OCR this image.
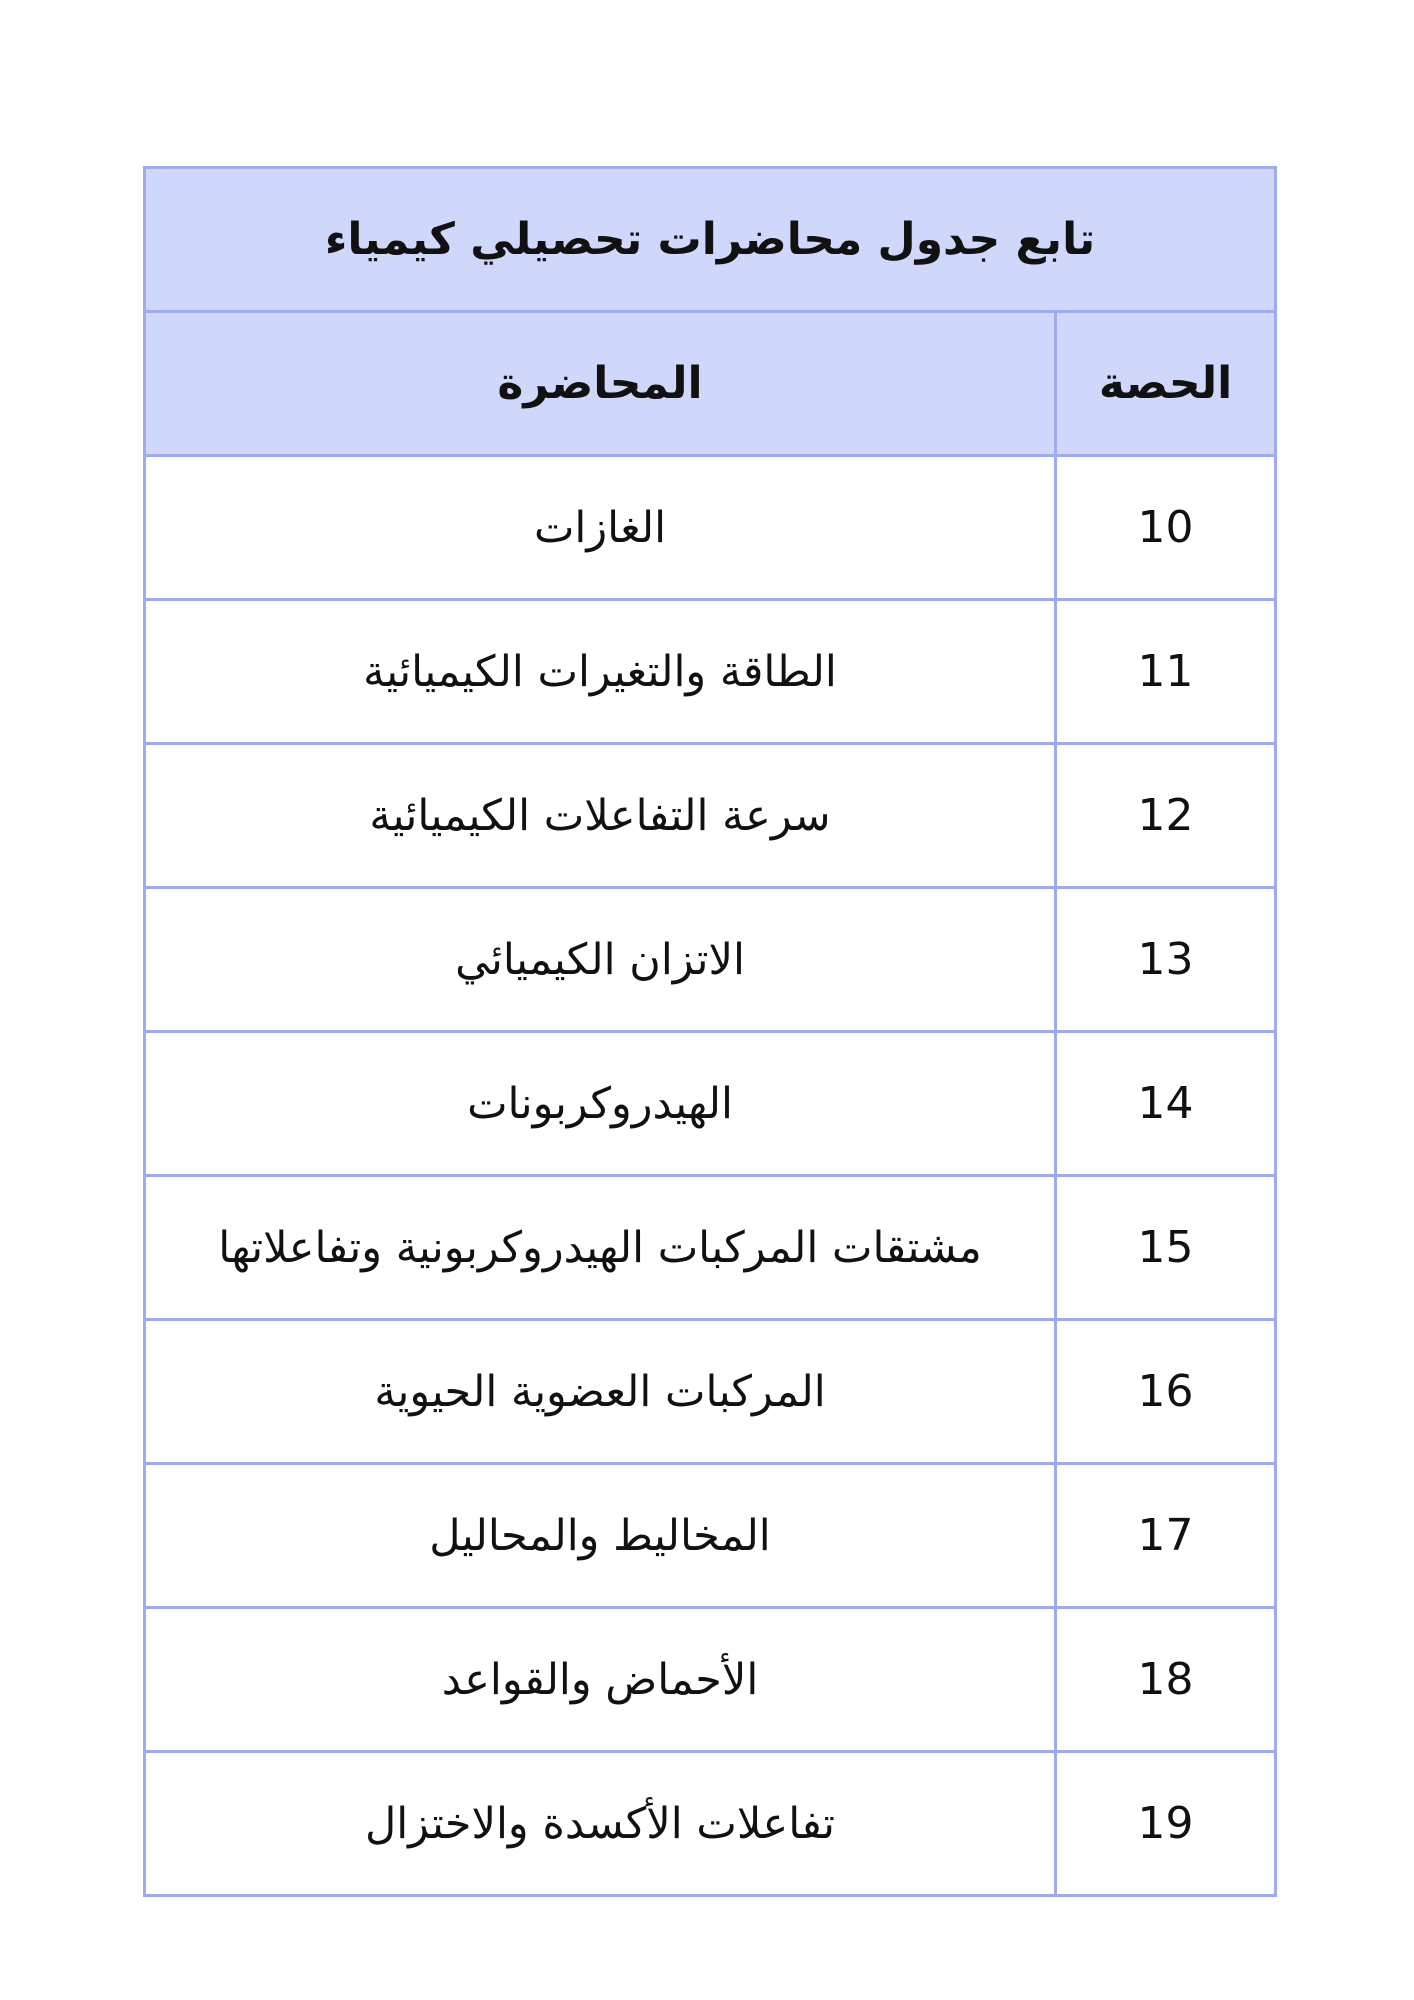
تابع جدول محاضرات تحصيلي كيمياء	
الحصة	المحاضرة
10	الغازات
11	الطاقة والتغيرات الكيميائية
12	سرعة التفاعلات الكيميائية
13	الاتزان الكيميائي
14	الهيدروكربونات
15	مشتقات المركبات الهيدروكربونية وتفاعلاتها
16	المركبات العضوية الحيوية
17	المخاليط والمحاليل
18	الأحماض والقواعد
19	تفاعلات الأكسدة والاختزال
